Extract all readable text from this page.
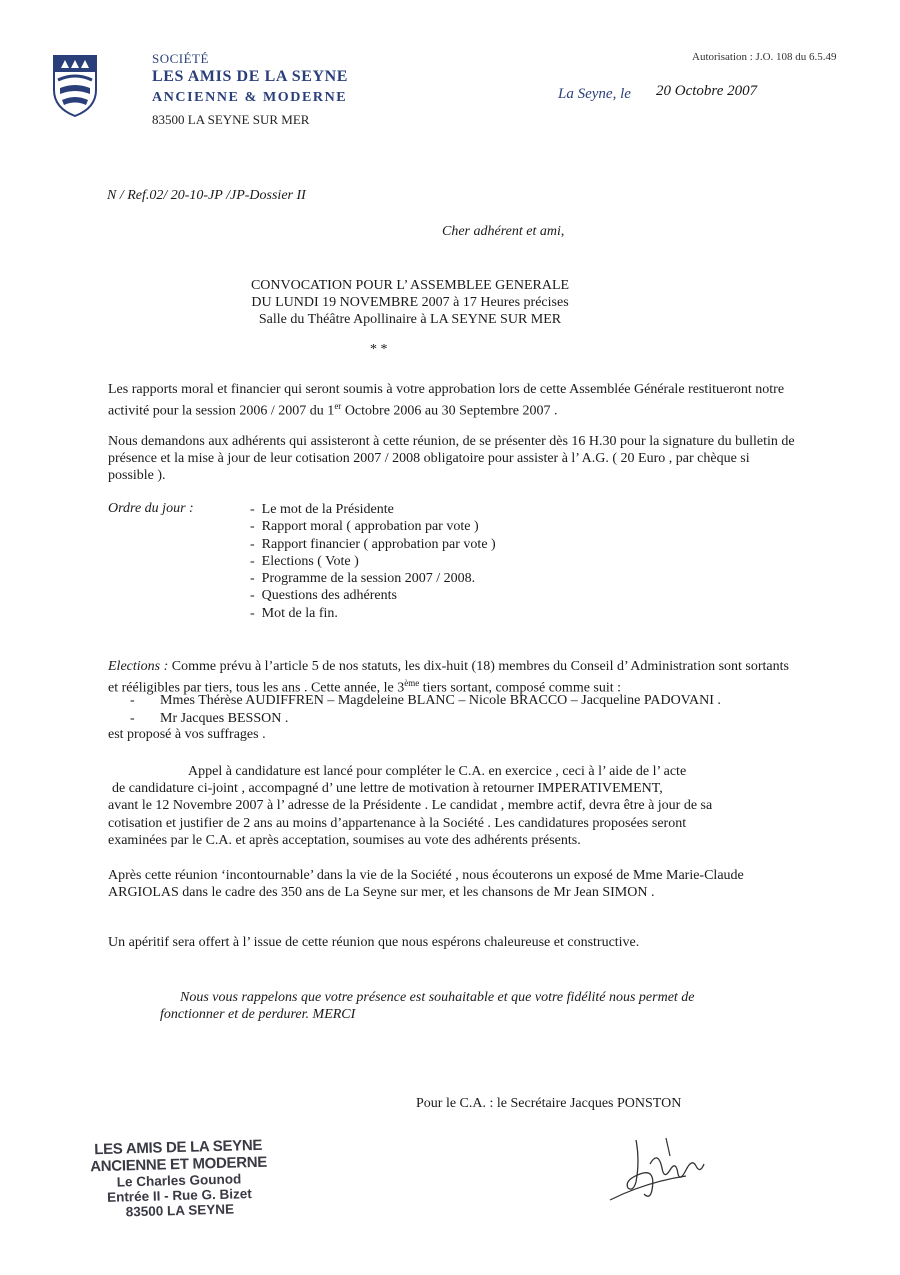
SOCIÉTÉ
LES AMIS DE LA SEYNE
ANCIENNE & MODERNE
83500 LA SEYNE SUR MER
Autorisation : J.O. 108 du 6.5.49
La Seyne, le 20 Octobre 2007
N / Ref.02/ 20-10-JP /JP-Dossier II
Cher adhérent et ami,
CONVOCATION POUR L’ ASSEMBLEE GENERALE
DU LUNDI 19 NOVEMBRE 2007 à 17 Heures précises
Salle du Théâtre Apollinaire à LA SEYNE SUR MER
* *
Les rapports moral et financier qui seront soumis à votre approbation lors de cette Assemblée Générale restitueront notre activité pour la session 2006 / 2007 du 1er Octobre 2006 au 30 Septembre 2007 .
Nous demandons aux adhérents qui assisteront à cette réunion, de se présenter dès 16 H.30 pour la signature du bulletin de présence et la mise à jour de leur cotisation 2007 / 2008 obligatoire pour assister à l’ A.G. ( 20 Euro , par chèque si possible ).
Ordre du jour :
-	Le mot de la Présidente
- Rapport moral ( approbation par vote )
- Rapport financier ( approbation par vote )
- Elections ( Vote )
- Programme de la session 2007 / 2008.
- Questions des adhérents
- Mot de la fin.
Elections : Comme prévu à l’article 5 de nos statuts, les dix-huit (18) membres du Conseil d’ Administration sont sortants et rééligibles par tiers, tous les ans . Cette année, le 3ème tiers sortant, composé comme suit :
- Mmes Thérèse AUDIFFREN – Magdeleine BLANC – Nicole BRACCO – Jacqueline PADOVANI .
- Mr Jacques BESSON .
est proposé à vos suffrages .
Appel à candidature est lancé pour compléter le C.A. en exercice , ceci à l’ aide de l’ acte
de candidature ci-joint , accompagné d’ une lettre de motivation à retourner IMPERATIVEMENT,
avant le 12 Novembre 2007 à l’ adresse de la Présidente . Le candidat , membre actif, devra être à jour de sa
cotisation et justifier de 2 ans au moins d’appartenance à la Société . Les candidatures proposées seront
examinées par le C.A. et après acceptation, soumises au vote des adhérents présents.
Après cette réunion ‘incontournable’ dans la vie de la Société , nous écouterons un exposé de Mme Marie-Claude ARGIOLAS dans le cadre des 350 ans de La Seyne sur mer, et les chansons de Mr Jean SIMON .
Un apéritif sera offert à l’ issue de cette réunion que nous espérons chaleureuse et constructive.
Nous vous rappelons que votre présence est souhaitable et que votre fidélité nous permet de
fonctionner et de perdurer. MERCI
Pour le C.A. : le Secrétaire Jacques PONSTON
LES AMIS DE LA SEYNE
ANCIENNE ET MODERNE
Le Charles Gounod
Entrée II - Rue G. Bizet
83500 LA SEYNE
